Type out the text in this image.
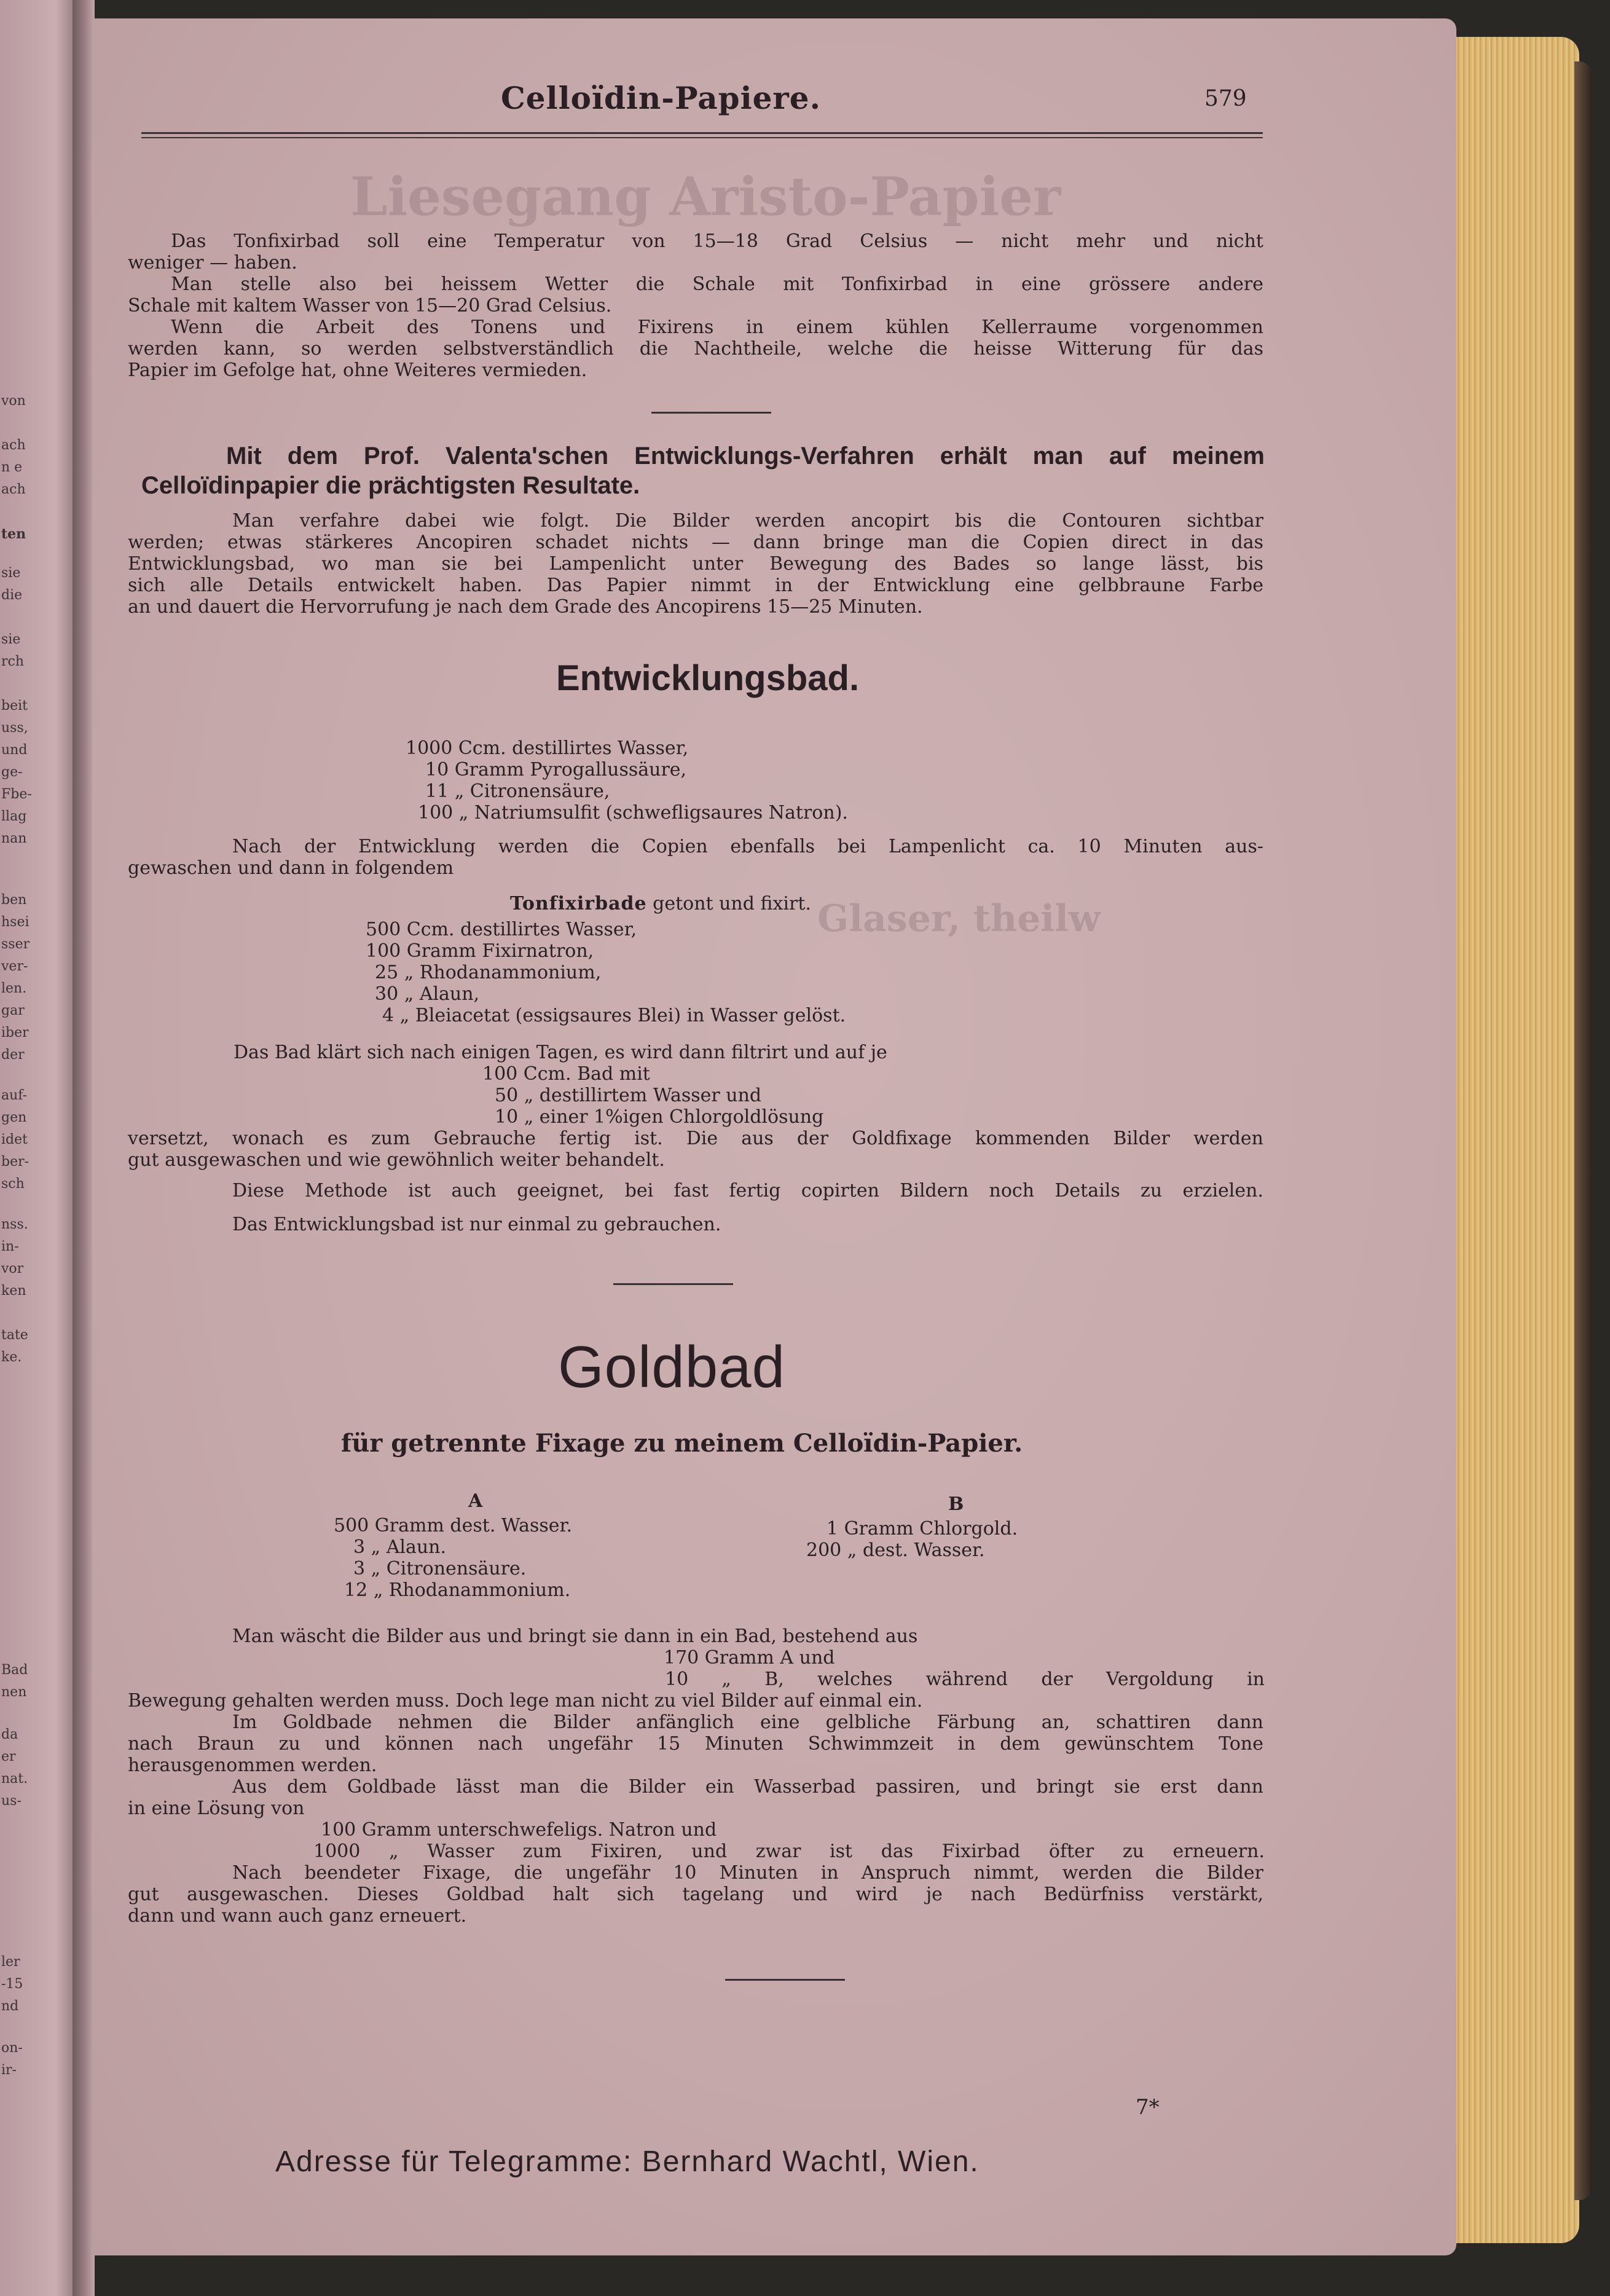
von
ach
n e
ach
ten
sie
die
sie
rch
beit
uss,
und
ge-
Fbe-
llag
nan
ben
hsei
sser
ver-
len.
gar
iber
der
auf-
gen
idet
ber-
sch
nss.
in-
vor
ken
tate
ke.
Bad
nen
da
er
nat.
us-
ler
-15
nd
on-
ir-
Liesegang Aristo-Papier
Glaser, theilw
Celloïdin-Papiere.	579
Das Tonfixirbad soll eine Temperatur von 15—18 Grad Celsius — nicht mehr und nicht
weniger — haben.
Man stelle also bei heissem Wetter die Schale mit Tonfixirbad in eine grössere andere
Schale mit kaltem Wasser von 15—20 Grad Celsius.
Wenn die Arbeit des Tonens und Fixirens in einem kühlen Kellerraume vorgenommen
werden kann, so werden selbstverständlich die Nachtheile, welche die heisse Witterung für das
Papier im Gefolge hat, ohne Weiteres vermieden.
Mit dem Prof. Valenta'schen Entwicklungs-Verfahren erhält man auf meinem
Celloïdinpapier die prächtigsten Resultate.
Man verfahre dabei wie folgt. Die Bilder werden ancopirt bis die Contouren sichtbar
werden; etwas stärkeres Ancopiren schadet nichts — dann bringe man die Copien direct in das
Entwicklungsbad, wo man sie bei Lampenlicht unter Bewegung des Bades so lange lässt, bis
sich alle Details entwickelt haben. Das Papier nimmt in der Entwicklung eine gelbbraune Farbe
an und dauert die Hervorrufung je nach dem Grade des Ancopirens 15—25 Minuten.
Entwicklungsbad.
1000 Ccm. destillirtes Wasser,
10 Gramm Pyrogallussäure,
11 „ Citronensäure,
100 „ Natriumsulfit (schwefligsaures Natron).
Nach der Entwicklung werden die Copien ebenfalls bei Lampenlicht ca. 10 Minuten aus-
gewaschen und dann in folgendem
Tonfixirbade getont und fixirt.
500 Ccm. destillirtes Wasser,
100 Gramm Fixirnatron,
25 „ Rhodanammonium,
30 „ Alaun,
4 „ Bleiacetat (essigsaures Blei) in Wasser gelöst.
Das Bad klärt sich nach einigen Tagen, es wird dann filtrirt und auf je
100 Ccm. Bad mit
50 „ destillirtem Wasser und
10 „ einer 1%igen Chlorgoldlösung
versetzt, wonach es zum Gebrauche fertig ist. Die aus der Goldfixage kommenden Bilder werden
gut ausgewaschen und wie gewöhnlich weiter behandelt.
Diese Methode ist auch geeignet, bei fast fertig copirten Bildern noch Details zu erzielen.
Das Entwicklungsbad ist nur einmal zu gebrauchen.
Goldbad
für getrennte Fixage zu meinem Celloïdin-Papier.
A	B
500 Gramm dest. Wasser.
3 „ Alaun.
3 „ Citronensäure.
12 „ Rhodanammonium.
1 Gramm Chlorgold.
200 „ dest. Wasser.
Man wäscht die Bilder aus und bringt sie dann in ein Bad, bestehend aus
170 Gramm A und
10 „ B, welches während der Vergoldung in
Bewegung gehalten werden muss. Doch lege man nicht zu viel Bilder auf einmal ein.
Im Goldbade nehmen die Bilder anfänglich eine gelbliche Färbung an, schattiren dann
nach Braun zu und können nach ungefähr 15 Minuten Schwimmzeit in dem gewünschtem Tone
herausgenommen werden.
Aus dem Goldbade lässt man die Bilder ein Wasserbad passiren, und bringt sie erst dann
in eine Lösung von
100 Gramm unterschwefeligs. Natron und
1000 „ Wasser zum Fixiren, und zwar ist das Fixirbad öfter zu erneuern.
Nach beendeter Fixage, die ungefähr 10 Minuten in Anspruch nimmt, werden die Bilder
gut ausgewaschen. Dieses Goldbad halt sich tagelang und wird je nach Bedürfniss verstärkt,
dann und wann auch ganz erneuert.
7*
Adresse für Telegramme: Bernhard Wachtl, Wien.
